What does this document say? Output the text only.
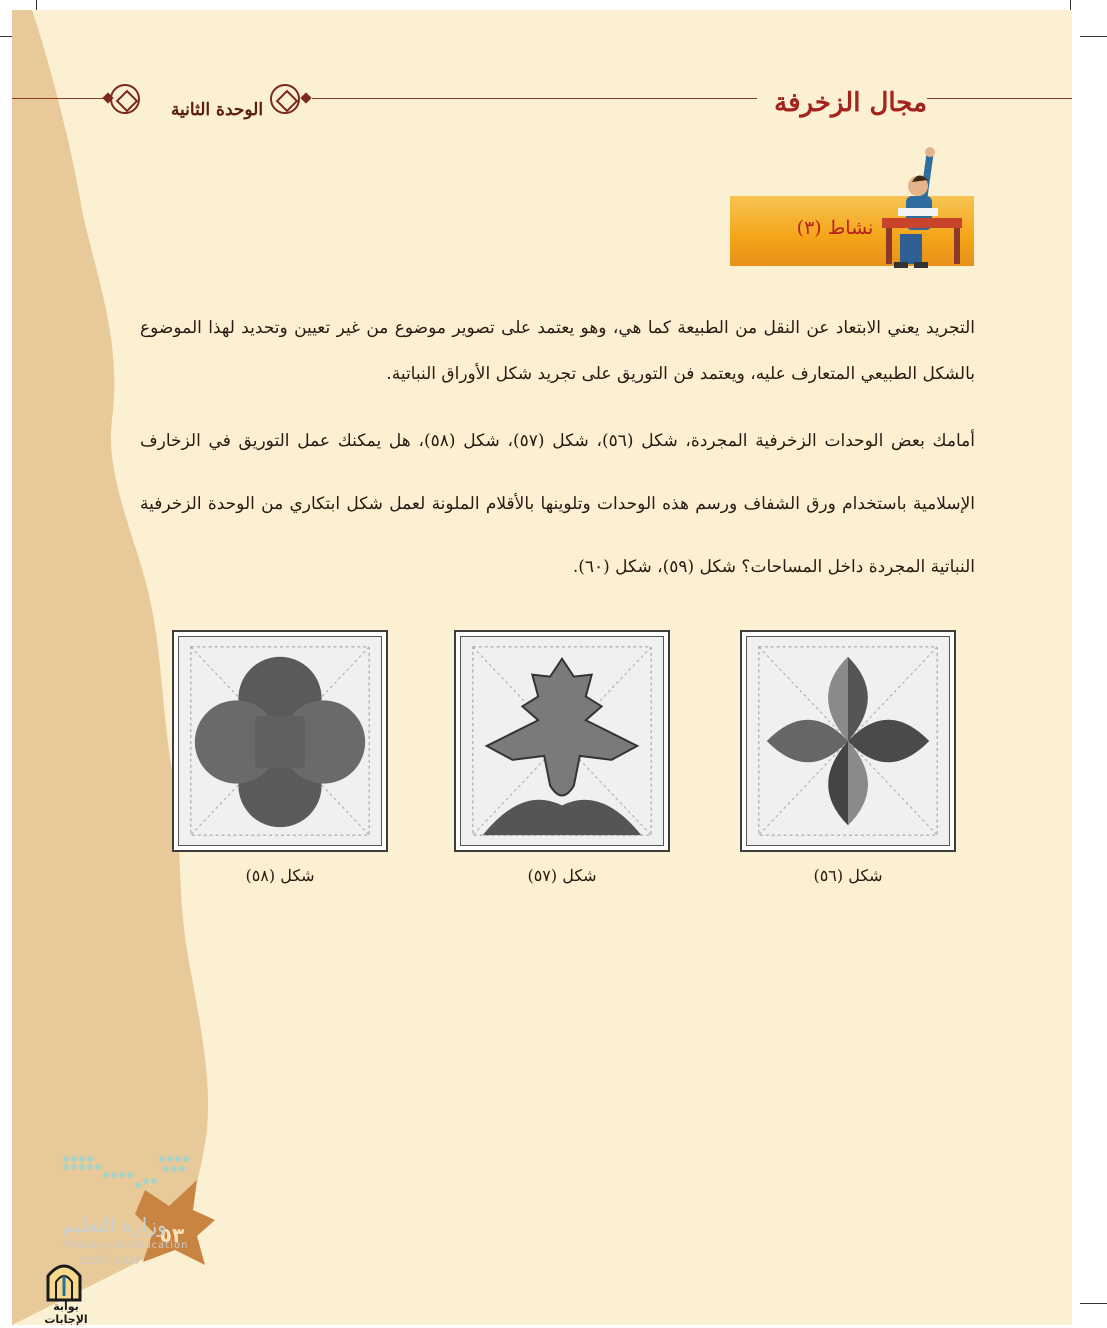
الوحدة الثانية	مجال الزخرفة
نشاط (٣)
التجريد يعني الابتعاد عن النقل من الطبيعة كما هي، وهو يعتمد على تصوير موضوع من غير تعيين وتحديد لهذا الموضوع بالشكل الطبيعي المتعارف عليه، ويعتمد فن التوريق على تجريد شكل الأوراق النباتية.
أمامك بعض الوحدات الزخرفية المجردة، شكل (٥٦)، شكل (٥٧)، شكل (٥٨)، هل يمكنك عمل التوريق في الزخارف الإسلامية باستخدام ورق الشفاف ورسم هذه الوحدات وتلوينها بالأقلام الملونة لعمل شكل ابتكاري من الوحدة الزخرفية النباتية المجردة داخل المساحات؟ شكل (٥٩)، شكل (٦٠).
شكل (٥٦)
شكل (٥٧)
شكل (٥٨)
٥٣
وزارة التعليم
Ministry of Education
2025 - 1447
بوابة الإجابات
